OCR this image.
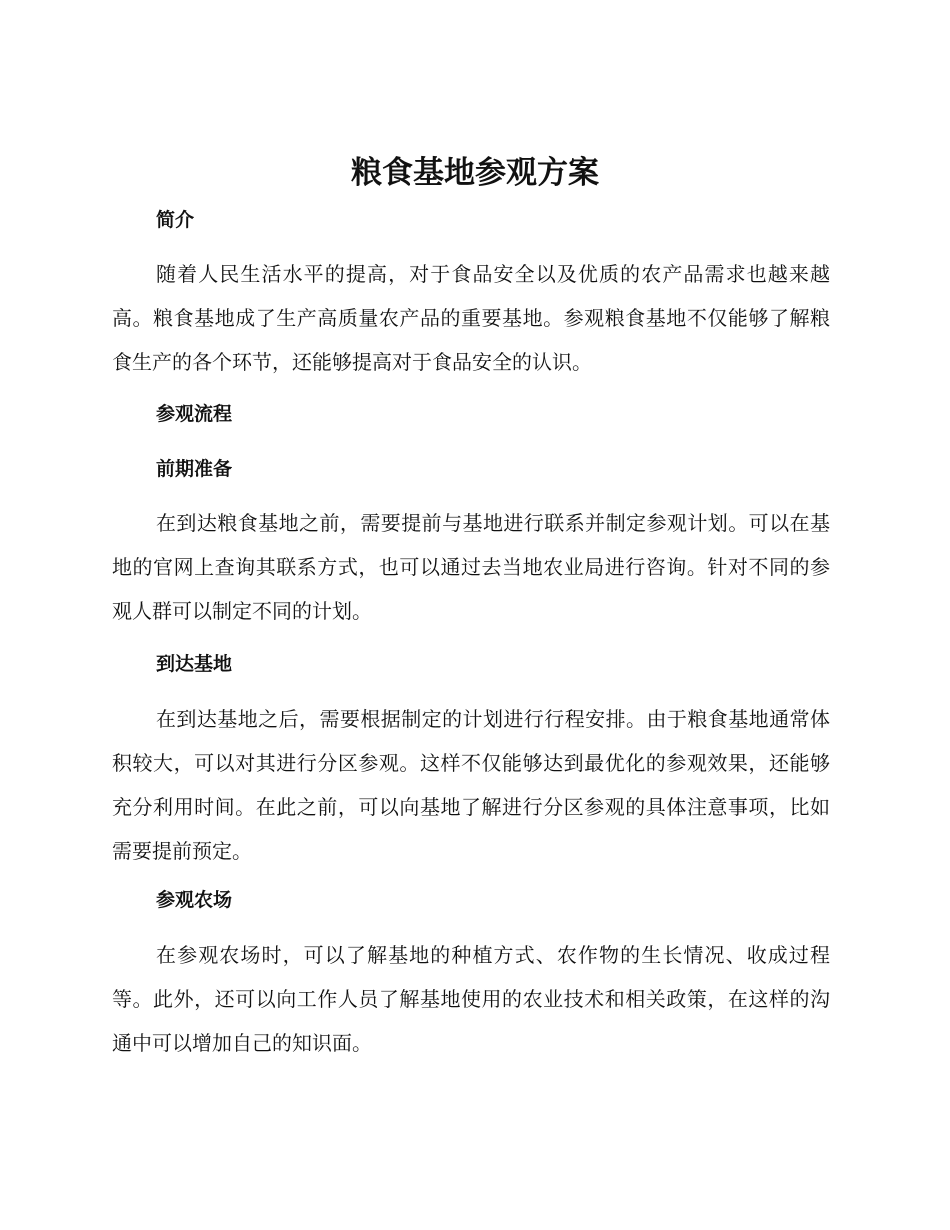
粮食基地参观方案
简介

随着人民生活水平的提高，对于食品安全以及优质的农产品需求也越来越高。粮食基地成了生产高质量农产品的重要基地。参观粮食基地不仅能够了解粮食生产的各个环节，还能够提高对于食品安全的认识。

参观流程
前期准备

在到达粮食基地之前，需要提前与基地进行联系并制定参观计划。可以在基地的官网上查询其联系方式，也可以通过去当地农业局进行咨询。针对不同的参观人群可以制定不同的计划。

到达基地

在到达基地之后，需要根据制定的计划进行行程安排。由于粮食基地通常体积较大，可以对其进行分区参观。这样不仅能够达到最优化的参观效果，还能够充分利用时间。在此之前，可以向基地了解进行分区参观的具体注意事项，比如需要提前预定。

参观农场

在参观农场时，可以了解基地的种植方式、农作物的生长情况、收成过程等。此外，还可以向工作人员了解基地使用的农业技术和相关政策，在这样的沟通中可以增加自己的知识面。
